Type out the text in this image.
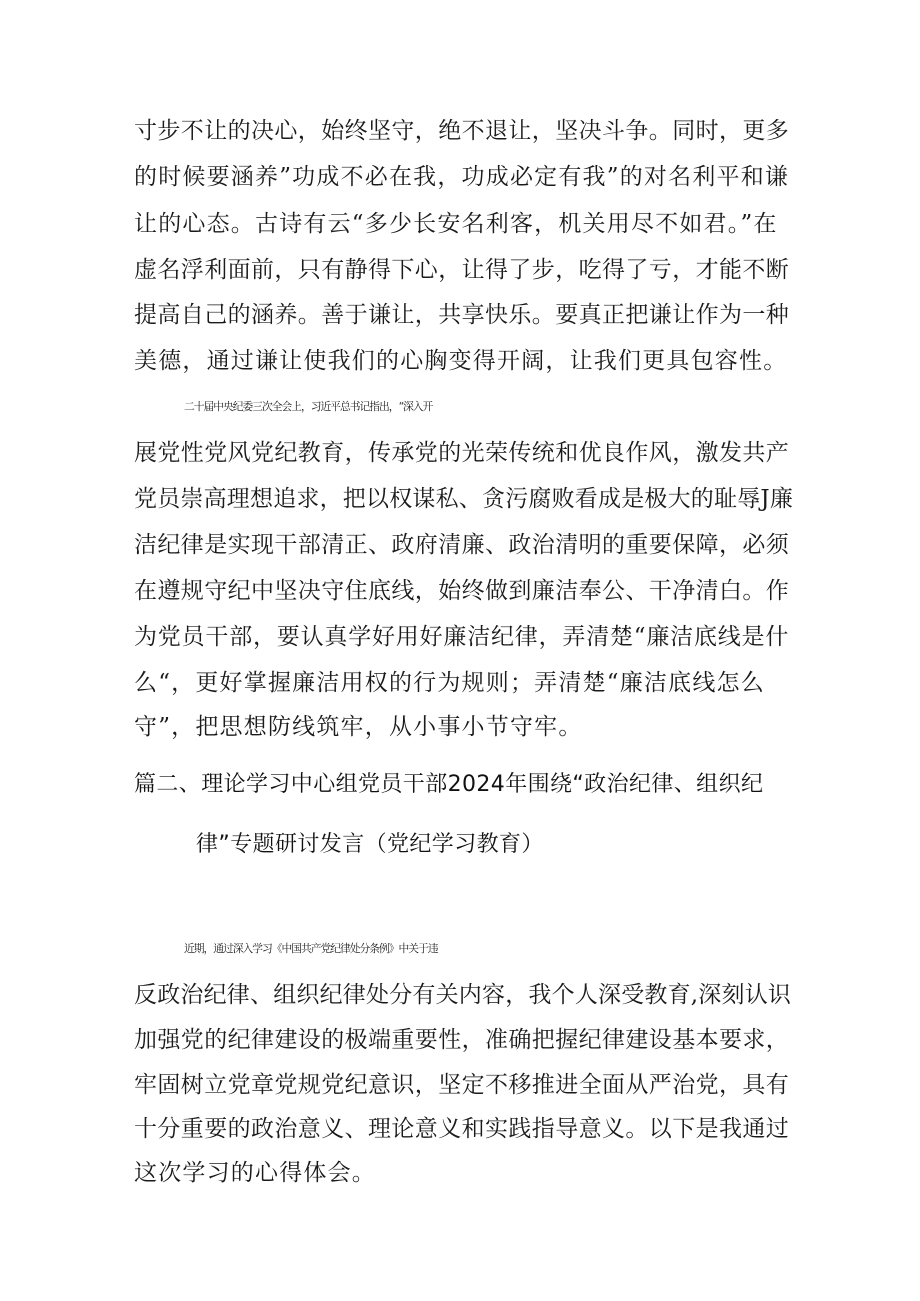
寸步不让的决心，始终坚守，绝不退让，坚决斗争。同时，更多
的时候要涵养”功成不必在我，功成必定有我”的对名利平和谦
让的心态。古诗有云“多少长安名利客，机关用尽不如君。”在
虚名浮利面前，只有静得下心，让得了步，吃得了亏，才能不断
提高自己的涵养。善于谦让，共享快乐。要真正把谦让作为一种
美德，通过谦让使我们的心胸变得开阔，让我们更具包容性。
二十届中央纪委三次全会上，习近平总书记指出，“深入开
展党性党风党纪教育，传承党的光荣传统和优良作风，激发共产
党员崇高理想追求，把以权谋私、贪污腐败看成是极大的耻辱J廉
洁纪律是实现干部清正、政府清廉、政治清明的重要保障，必须
在遵规守纪中坚决守住底线，始终做到廉洁奉公、干净清白。作
为党员干部，要认真学好用好廉洁纪律，弄清楚“廉洁底线是什
么“，更好掌握廉洁用权的行为规则；弄清楚“廉洁底线怎么
守”，把思想防线筑牢，从小事小节守牢。
篇二、理论学习中心组党员干部2024年围绕“政治纪律、组织纪
律”专题研讨发言（党纪学习教育）
近期，通过深入学习《中国共产党纪律处分条例》中关于违
反政治纪律、组织纪律处分有关内容，我个人深受教育,深刻认识
加强党的纪律建设的极端重要性，准确把握纪律建设基本要求，
牢固树立党章党规党纪意识，坚定不移推进全面从严治党，具有
十分重要的政治意义、理论意义和实践指导意义。以下是我通过
这次学习的心得体会。
